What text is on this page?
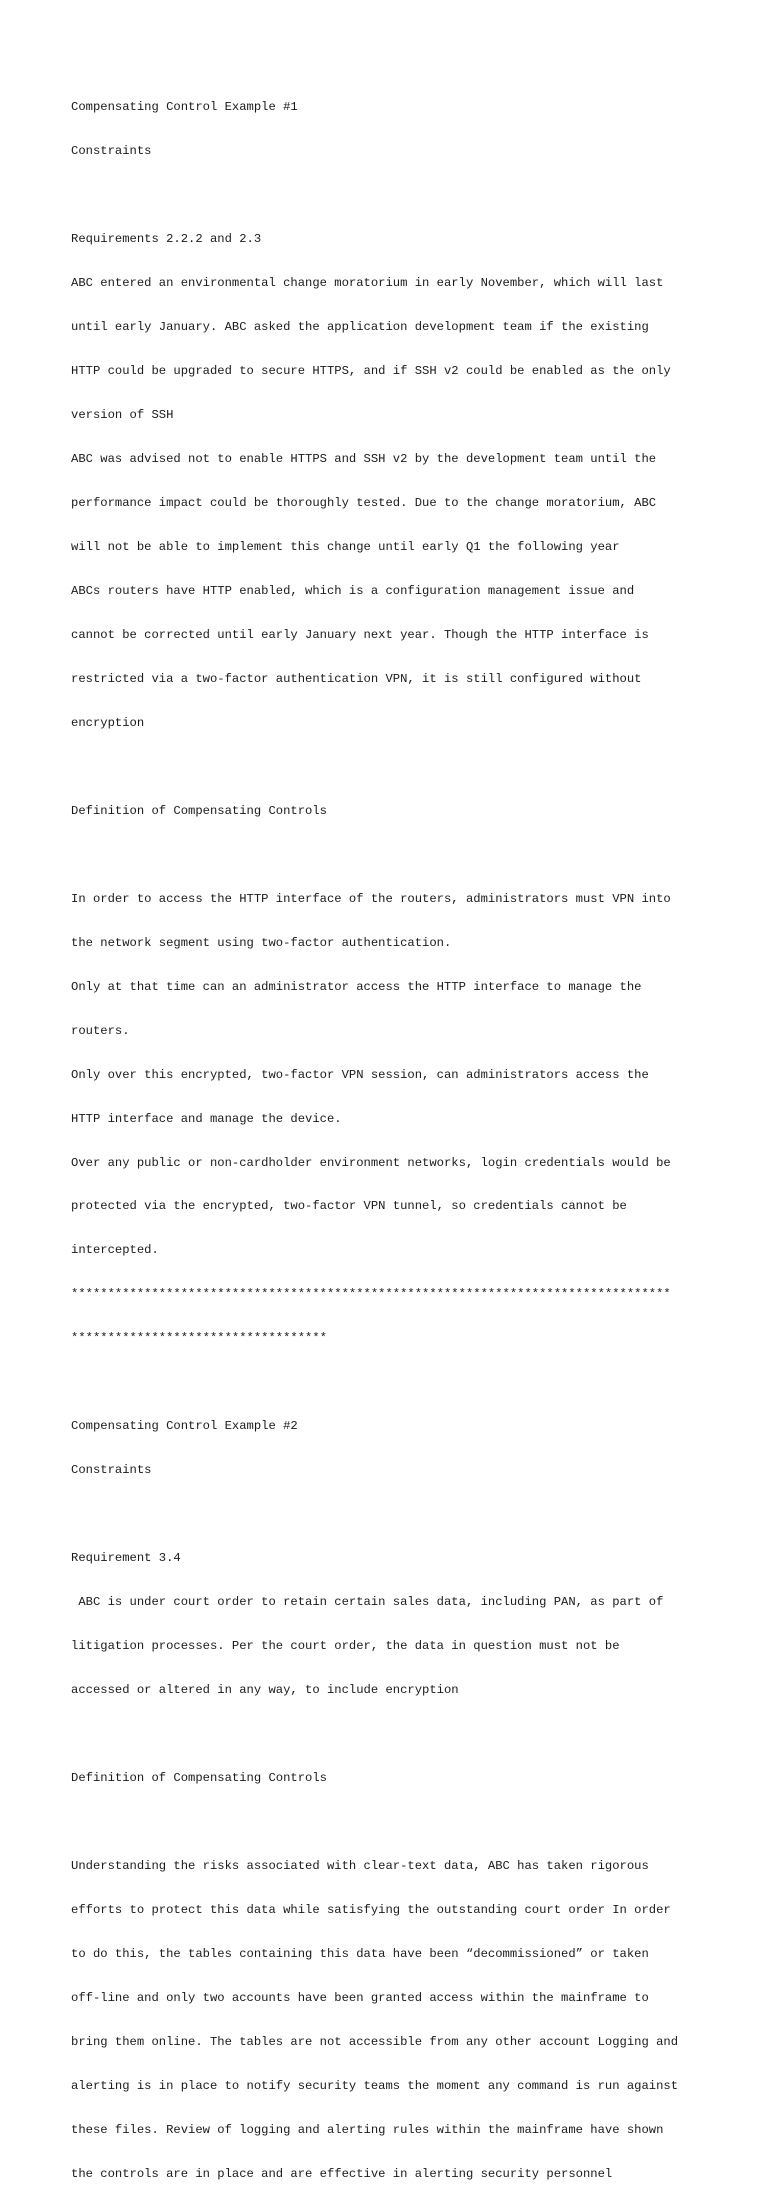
Compensating Control Example #1

Constraints

Requirements 2.2.2 and 2.3

ABC entered an environmental change moratorium in early November, which will last

until early January. ABC asked the application development team if the existing

HTTP could be upgraded to secure HTTPS, and if SSH v2 could be enabled as the only

version of SSH

ABC was advised not to enable HTTPS and SSH v2 by the development team until the

performance impact could be thoroughly tested. Due to the change moratorium, ABC

will not be able to implement this change until early Q1 the following year

ABCs routers have HTTP enabled, which is a configuration management issue and

cannot be corrected until early January next year. Though the HTTP interface is

restricted via a two-factor authentication VPN, it is still configured without

encryption

Definition of Compensating Controls

In order to access the HTTP interface of the routers, administrators must VPN into

the network segment using two-factor authentication.

Only at that time can an administrator access the HTTP interface to manage the

routers.

Only over this encrypted, two-factor VPN session, can administrators access the

HTTP interface and manage the device.

Over any public or non-cardholder environment networks, login credentials would be

protected via the encrypted, two-factor VPN tunnel, so credentials cannot be

intercepted.

**********************************************************************************

***********************************

Compensating Control Example #2

Constraints

Requirement 3.4

ABC is under court order to retain certain sales data, including PAN, as part of

litigation processes. Per the court order, the data in question must not be

accessed or altered in any way, to include encryption

Definition of Compensating Controls

Understanding the risks associated with clear-text data, ABC has taken rigorous

efforts to protect this data while satisfying the outstanding court order In order

to do this, the tables containing this data have been “decommissioned” or taken

off-line and only two accounts have been granted access within the mainframe to

bring them online. The tables are not accessible from any other account Logging and

alerting is in place to notify security teams the moment any command is run against

these files. Review of logging and alerting rules within the mainframe have shown

the controls are in place and are effective in alerting security personnel
